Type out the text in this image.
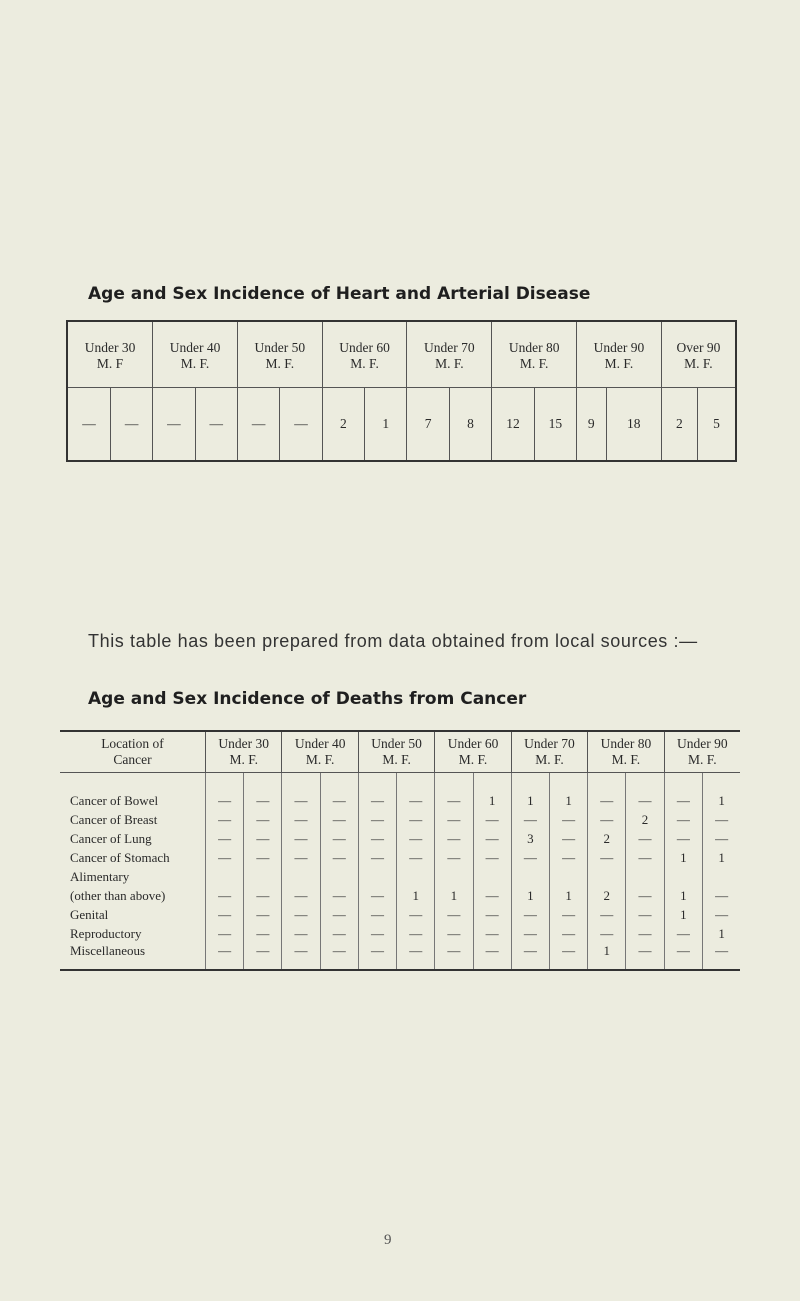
Age and Sex Incidence of Heart and Arterial Disease
Under 30		Under 40		Under 50		Under 60		Under 70		Under 80		Under 90		Over 90	
M. F		M. F.		M. F.		M. F.		M. F.		M. F.		M. F.		M. F.	
—	—	—	—	—	—	2	1	7	8	12	15	9	18	2	5

This table has been prepared from data obtained from local sources :—

Age and Sex Incidence of Deaths from Cancer
Location of	Under 30		Under 40		Under 50		Under 60		Under 70		Under 80		Under 90	
Cancer	M. F.		M. F.		M. F.		M. F.		M. F.		M. F.		M. F.	

Cancer of Bowel	—	—	—	—	—	—	—	1	1	1	—	—	—	1
Cancer of Breast	—	—	—	—	—	—	—	—	—	—	—	2	—	—
Cancer of Lung	—	—	—	—	—	—	—	—	3	—	2	—	—	—
Cancer of Stomach	—	—	—	—	—	—	—	—	—	—	—	—	1	1
Alimentary														
(other than above)	—	—	—	—	—	1	1	—	1	1	2	—	1	—
Genital	—	—	—	—	—	—	—	—	—	—	—	—	1	—
Reproductory	—	—	—	—	—	—	—	—	—	—	—	—	—	1
Miscellaneous	—	—	—	—	—	—	—	—	—	—	1	—	—	—
9
